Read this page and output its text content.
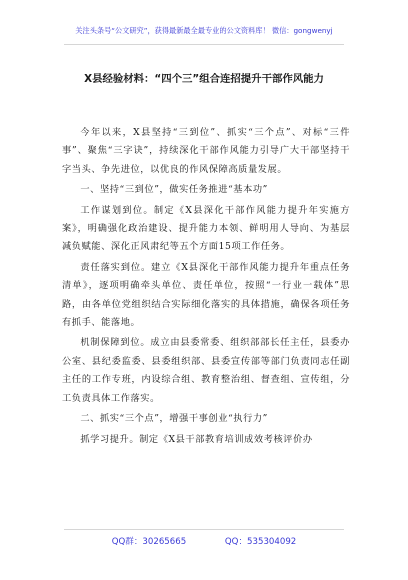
关注头条号“公文研究”，获得最新最全最专业的公文资料库！ 微信：gongwenyj
X县经验材料：“四个三”组合连招提升干部作风能力

今年以来，X县坚持“三到位”、抓实“三个点”、对标“三件事”、聚焦“三字诀”，持续深化干部作风能力引导广大干部坚持干字当头、争先进位，以优良的作风保障高质量发展。

一、坚持“三到位”，做实任务推进“基本功”

工作谋划到位。制定《X县深化干部作风能力提升年实施方案》，明确强化政治建设、提升能力本领、鲜明用人导向、为基层减负赋能、深化正风肃纪等五个方面15项工作任务。

责任落实到位。建立《X县深化干部作风能力提升年重点任务清单》，逐项明确牵头单位、责任单位，按照“一行业一载体”思路，由各单位党组织结合实际细化落实的具体措施，确保各项任务有抓手、能落地。

机制保障到位。成立由县委常委、组织部部长任主任，县委办公室、县纪委监委、县委组织部、县委宣传部等部门负责同志任副主任的工作专班，内设综合组、教育整治组、督查组、宣传组，分工负责具体工作落实。

二、抓实“三个点”，增强干事创业“执行力”

抓学习提升。制定《X县干部教育培训成效考核评价办

QQ群：30265665	QQ：535304092
